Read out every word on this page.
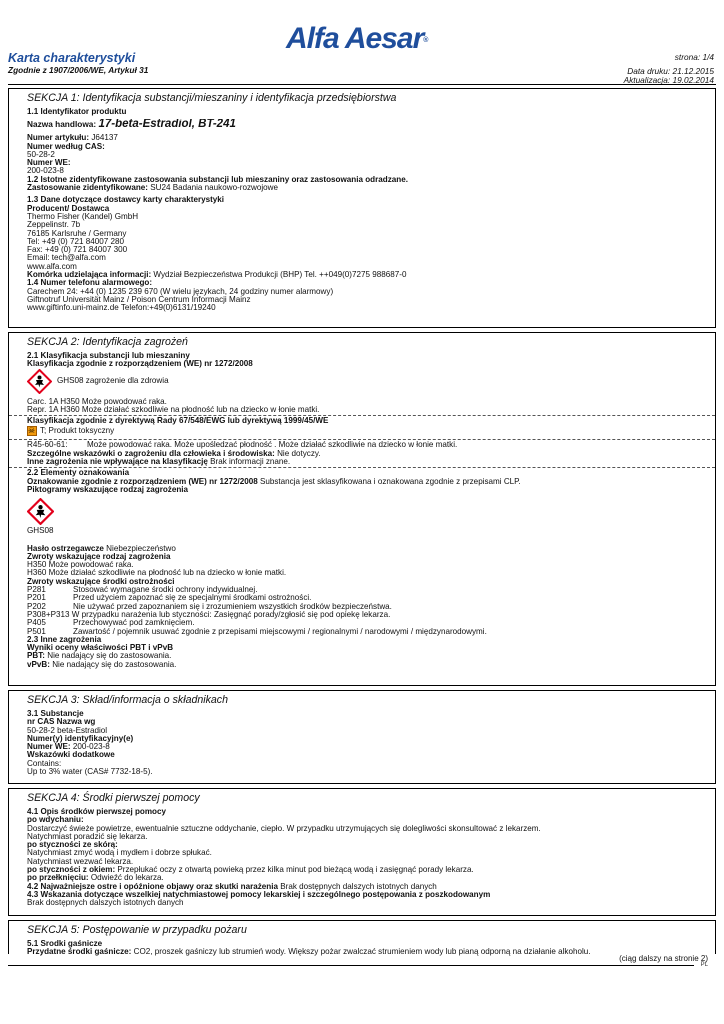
Alfa Aesar®
Karta charakterystyki
Zgodnie z 1907/2006/WE, Artykuł 31
strona: 1/4
Data druku: 21.12.2015
Aktualizacja: 19.02.2014
SEKCJA 1: Identyfikacja substancji/mieszaniny i identyfikacja przedsiębiorstwa
1.1 Identyfikator produktu
Nazwa handlowa: 17-beta-Estradiol, BT-241
Numer artykułu: J64137
Numer według CAS:
50-28-2
Numer WE:
200-023-8
1.2 Istotne zidentyfikowane zastosowania substancji lub mieszaniny oraz zastosowania odradzane.
Zastosowanie zidentyfikowane: SU24 Badania naukowo-rozwojowe
1.3 Dane dotyczące dostawcy karty charakterystyki
Producent/ Dostawca
Thermo Fisher (Kandel) GmbH
Zeppelinstr. 7b
76185 Karlsruhe / Germany
Tel: +49 (0) 721 84007 280
Fax: +49 (0) 721 84007 300
Email: tech@alfa.com
www.alfa.com
Komórka udzielająca informacji: Wydział Bezpieczeństwa Produkcji (BHP) Tel. ++049(0)7275 988687-0
1.4 Numer telefonu alarmowego:
Carechem 24: +44 (0) 1235 239 670 (W wielu językach, 24 godziny numer alarmowy)
Giftnotruf Universität Mainz / Poison Centrum Informacji Mainz
www.giftinfo.uni-mainz.de Telefon:+49(0)6131/19240
SEKCJA 2: Identyfikacja zagrożeń
2.1 Klasyfikacja substancji lub mieszaniny
Klasyfikacja zgodnie z rozporządzeniem (WE) nr 1272/2008
GHS08 zagrożenie dla zdrowia
Carc. 1A H350 Może powodować raka.
Repr. 1A H360 Może działać szkodliwie na płodność lub na dziecko w łonie matki.
Klasyfikacja zgodnie z dyrektywą Rady 67/548/EWG lub dyrektywą 1999/45/WE
☠T; Produkt toksyczny
R45-60-61:	Może powodować raka. Może upośledzać płodność . Może działać szkodliwie na dziecko w łonie matki.
Szczególne wskazówki o zagrożeniu dla człowieka i środowiska: Nie dotyczy.
Inne zagrożenia nie wpływające na klasyfikację Brak informacji znane.
2.2 Elementy oznakowania
Oznakowanie zgodnie z rozporządzeniem (WE) nr 1272/2008 Substancja jest sklasyfikowana i oznakowana zgodnie z przepisami CLP.
Piktogramy wskazujące rodzaj zagrożenia
GHS08
Hasło ostrzegawcze Niebezpieczeństwo
Zwroty wskazujące rodzaj zagrożenia
H350 Może powodować raka.
H360 Może działać szkodliwie na płodność lub na dziecko w łonie matki.
Zwroty wskazujące środki ostrożności
P281	Stosować wymagane środki ochrony indywidualnej.
P201	Przed użyciem zapoznać się ze specjalnymi środkami ostrożności.
P202	Nie używać przed zapoznaniem się i zrozumieniem wszystkich środków bezpieczeństwa.
P308+P313 W przypadku narażenia lub styczności: Zasięgnąć porady/zgłosić się pod opiekę lekarza.
P405	Przechowywać pod zamknięciem.
P501	Zawartość / pojemnik usuwać zgodnie z przepisami miejscowymi / regionalnymi / narodowymi / międzynarodowymi.
2.3 Inne zagrożenia
Wyniki oceny właściwości PBT i vPvB
PBT: Nie nadający się do zastosowania.
vPvB: Nie nadający się do zastosowania.
SEKCJA 3: Skład/informacja o składnikach
3.1 Substancje
nr CAS Nazwa wg
50-28-2 beta-Estradiol
Numer(y) identyfikacyjny(e)
Numer WE: 200-023-8
Wskazówki dodatkowe
Contains:
Up to 3% water (CAS# 7732-18-5).
SEKCJA 4: Środki pierwszej pomocy
4.1 Opis środków pierwszej pomocy
po wdychaniu:
Dostarczyć świeże powietrze, ewentualnie sztuczne oddychanie, ciepło. W przypadku utrzymujących się dolegliwości skonsultować z lekarzem.
Natychmiast poradzić się lekarza.
po styczności ze skórą:
Natychmiast zmyć wodą i mydłem i dobrze spłukać.
Natychmiast wezwać lekarza.
po styczności z okiem: Przepłukać oczy z otwartą powieką przez kilka minut pod bieżącą wodą i zasięgnąć porady lekarza.
po przełknięciu: Odwieźć do lekarza.
4.2 Najważniejsze ostre i opóźnione objawy oraz skutki narażenia Brak dostępnych dalszych istotnych danych
4.3 Wskazania dotyczące wszelkiej natychmiastowej pomocy lekarskiej i szczególnego postępowania z poszkodowanym
Brak dostępnych dalszych istotnych danych
SEKCJA 5: Postępowanie w przypadku pożaru
5.1 Środki gaśnicze
Przydatne środki gaśnicze: CO2, proszek gaśniczy lub strumień wody. Większy pożar zwalczać strumieniem wody lub pianą odporną na działanie alkoholu.
(ciąg dalszy na stronie 2)
PL
